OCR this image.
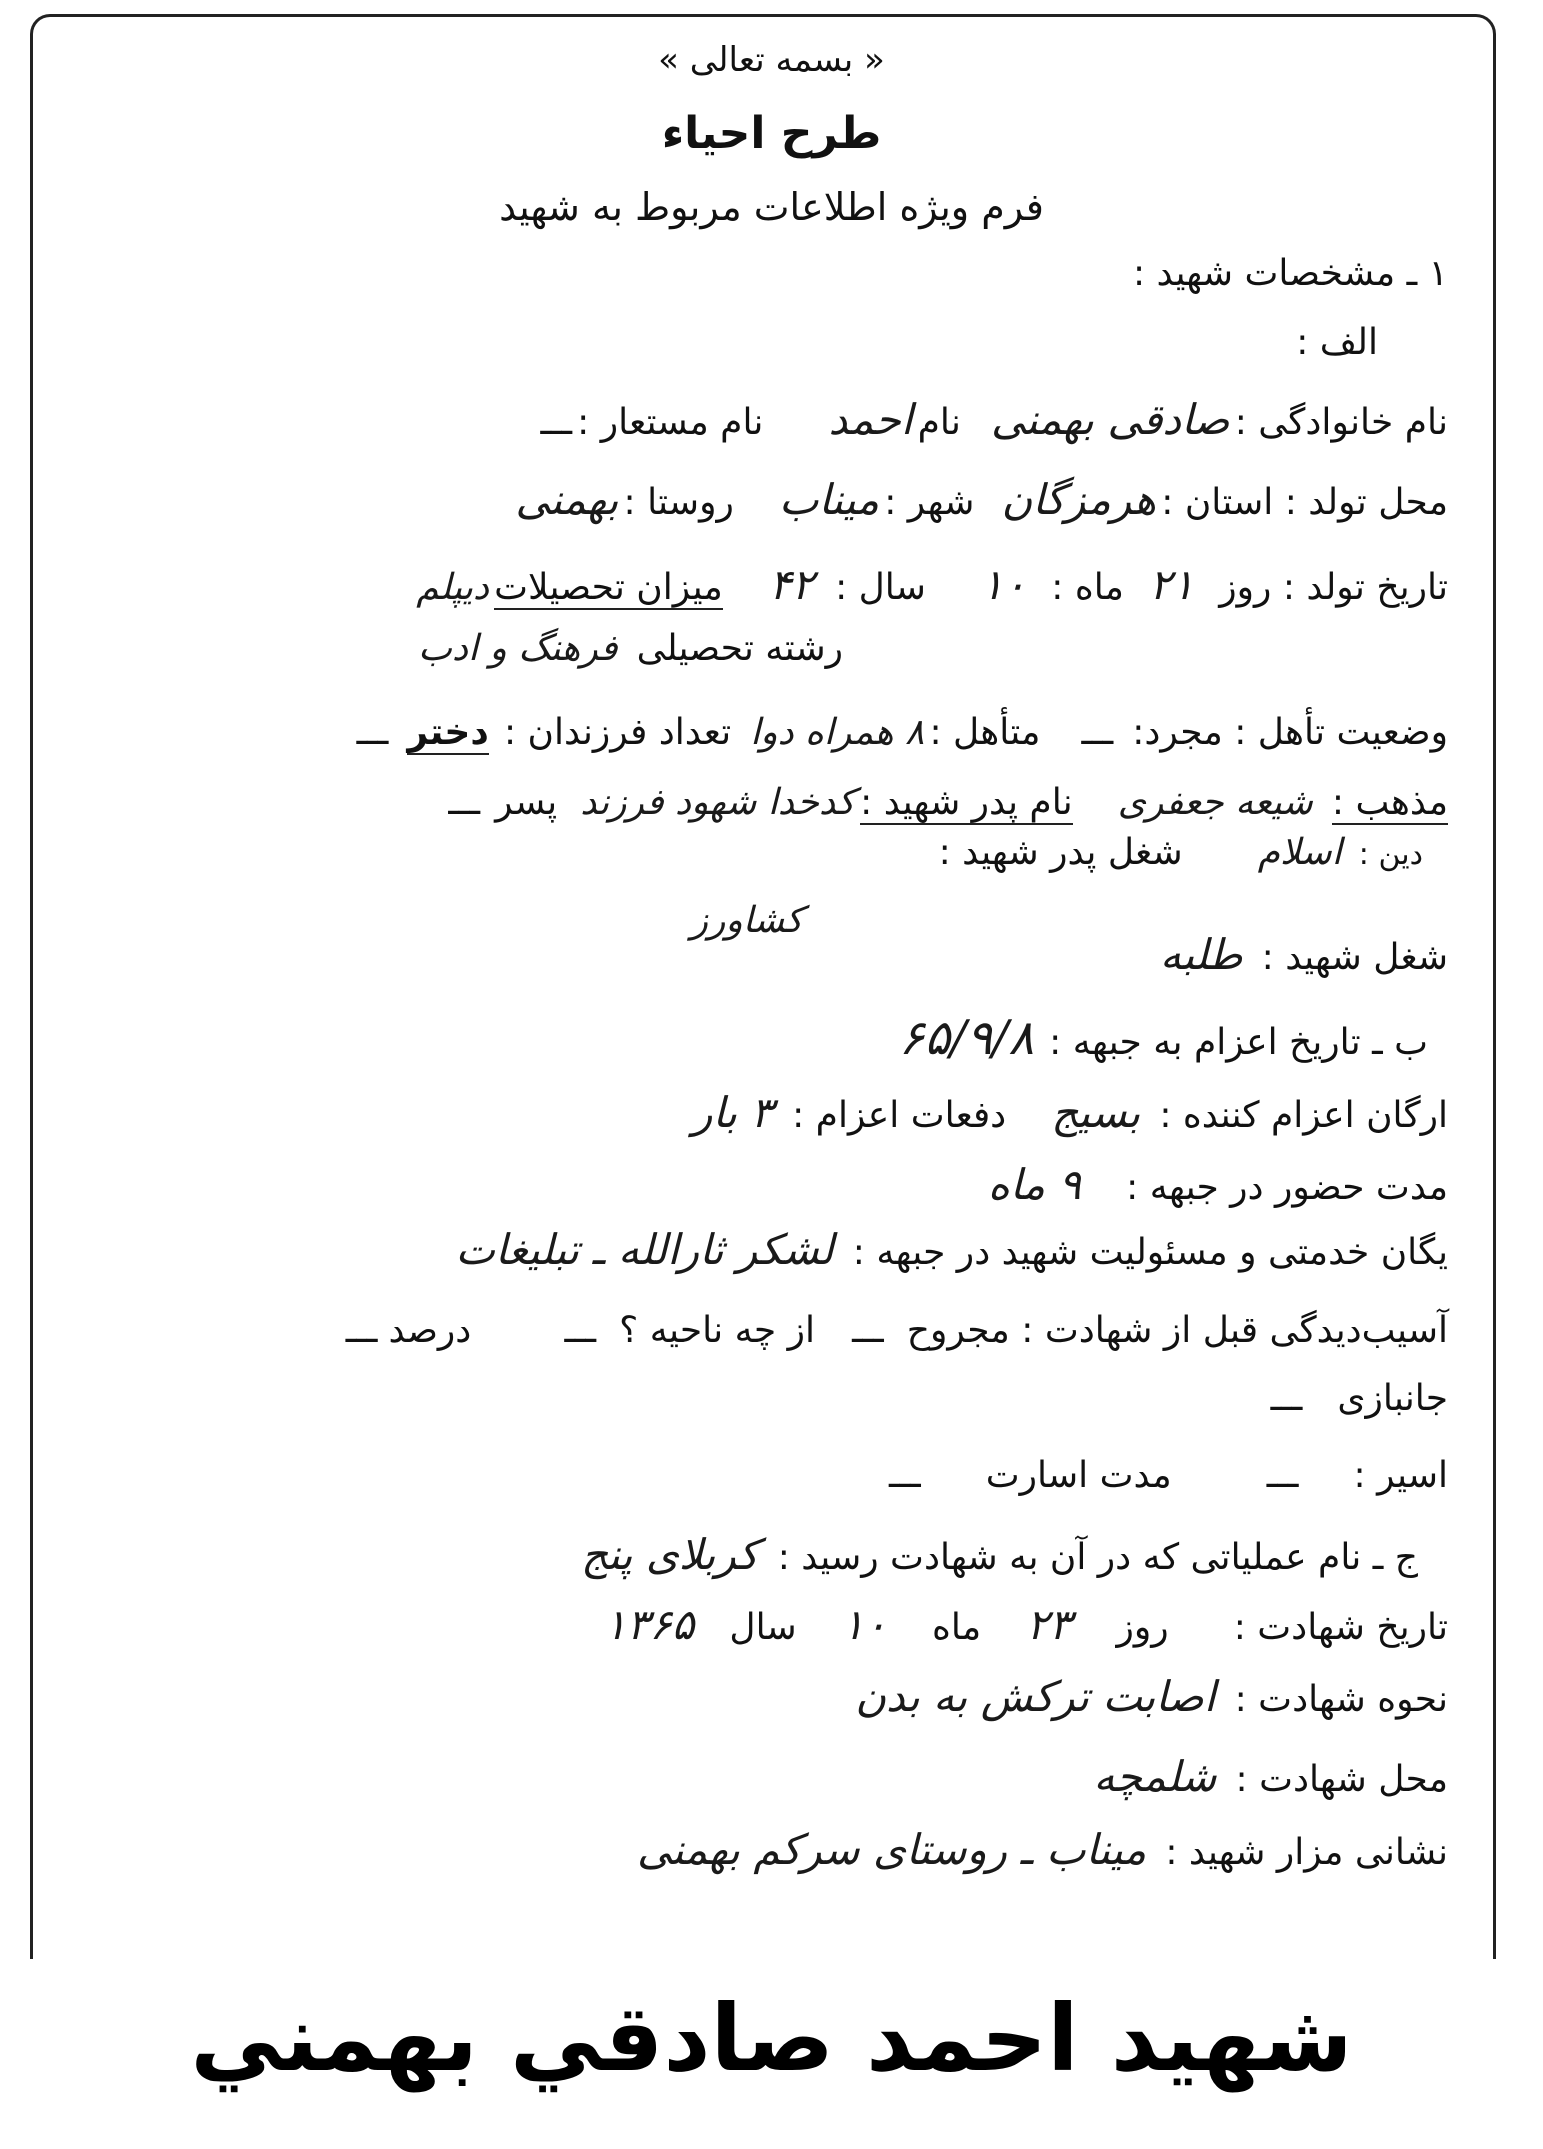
« بسمه تعالی »
طرح احیاء
فرم ویژه اطلاعات مربوط به شهید
۱ ـ مشخصات شهید :
الف :
نام خانوادگی : صادقی بهمنی نام احمد نام مستعار : ـــ
محل تولد : استان : هرمزگان شهر : میناب روستا : بهمنی
تاریخ تولد : روز ۲۱ ماه : ۱۰ سال : ۴۲ میزان تحصیلات دیپلم
رشته تحصیلی فرهنگ و ادب
وضعیت تأهل : مجرد: ـــ متأهل : ۸ همراه دوا تعداد فرزندان : دختر ـــ
مذهب : شیعه جعفری نام پدر شهید : کدخدا شهود فرزند پسر ـــ
دین : اسلام شغل پدر شهید :
کشاورز
شغل شهید : طلبه
ب ـ تاریخ اعزام به جبهه : ۶۵/۹/۸
ارگان اعزام کننده : بسیج دفعات اعزام : ۳ بار
مدت حضور در جبهه : ۹ ماه
یگان خدمتی و مسئولیت شهید در جبهه : لشکر ثارالله ـ تبلیغات
آسیب‌دیدگی قبل از شهادت : مجروح ـــ از چه ناحیه ؟ ـــ درصد ـــ
جانبازی ـــ
اسیر : ـــ مدت اسارت ـــ
ج ـ نام عملیاتی که در آن به شهادت رسید : کربلای پنج
تاریخ شهادت : روز ۲۳ ماه ۱۰ سال ۱۳۶۵
نحوه شهادت : اصابت ترکش به بدن
محل شهادت : شلمچه
نشانی مزار شهید : میناب ـ روستای سرکم بهمنی
شهيد احمد صادقي بهمني
